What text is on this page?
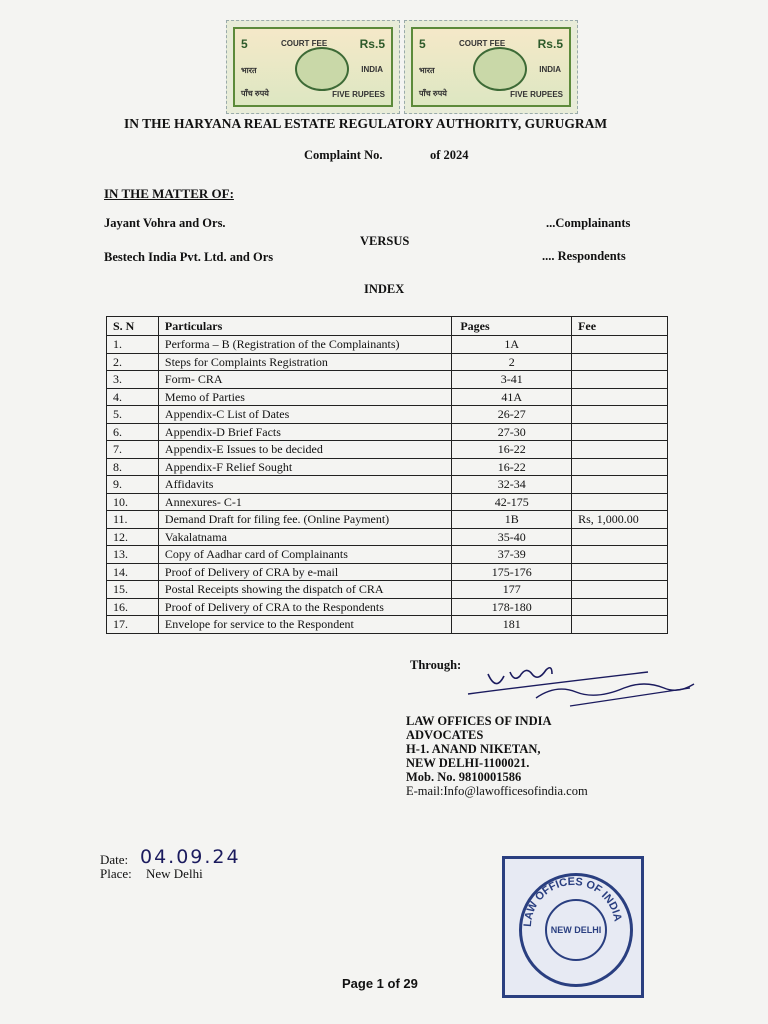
5	Rs.5
COURT FEE
भारत	INDIA
पाँच रुपये	FIVE RUPEES
5	Rs.5
COURT FEE
भारत	INDIA
पाँच रुपये	FIVE RUPEES
IN THE HARYANA REAL ESTATE REGULATORY AUTHORITY, GURUGRAM
Complaint No.	of 2024
IN THE MATTER OF:
Jayant Vohra and Ors.	...Complainants
VERSUS
Bestech India Pvt. Ltd. and Ors	.... Respondents
INDEX
S. N	Particulars	Pages	Fee
1.	Performa – B (Registration of the Complainants)	1A	
2.	Steps for Complaints Registration	2	
3.	Form- CRA	3-41	
4.	Memo of Parties	41A	
5.	Appendix-C List of Dates	26-27	
6.	Appendix-D Brief Facts	27-30	
7.	Appendix-E Issues to be decided	16-22	
8.	Appendix-F Relief Sought	16-22	
9.	Affidavits	32-34	
10.	Annexures- C-1	42-175	
11.	Demand Draft for filing fee. (Online Payment)	1B	Rs, 1,000.00
12.	Vakalatnama	35-40	
13.	Copy of Aadhar card of Complainants	37-39	
14.	Proof of Delivery of CRA by e-mail	175-176	
15.	Postal Receipts showing the dispatch of CRA	177	
16.	Proof of Delivery of CRA to the Respondents	178-180	
17.	Envelope for service to the Respondent	181	
Through:
LAW OFFICES OF INDIA
ADVOCATES
H-1. ANAND NIKETAN,
NEW DELHI-1100021.
Mob. No. 9810001586
E-mail:Info@lawofficesofindia.com
Date: 04.09.24
Place: New Delhi
LAW OFFICES OF INDIA
NEW DELHI
Page 1 of 29
